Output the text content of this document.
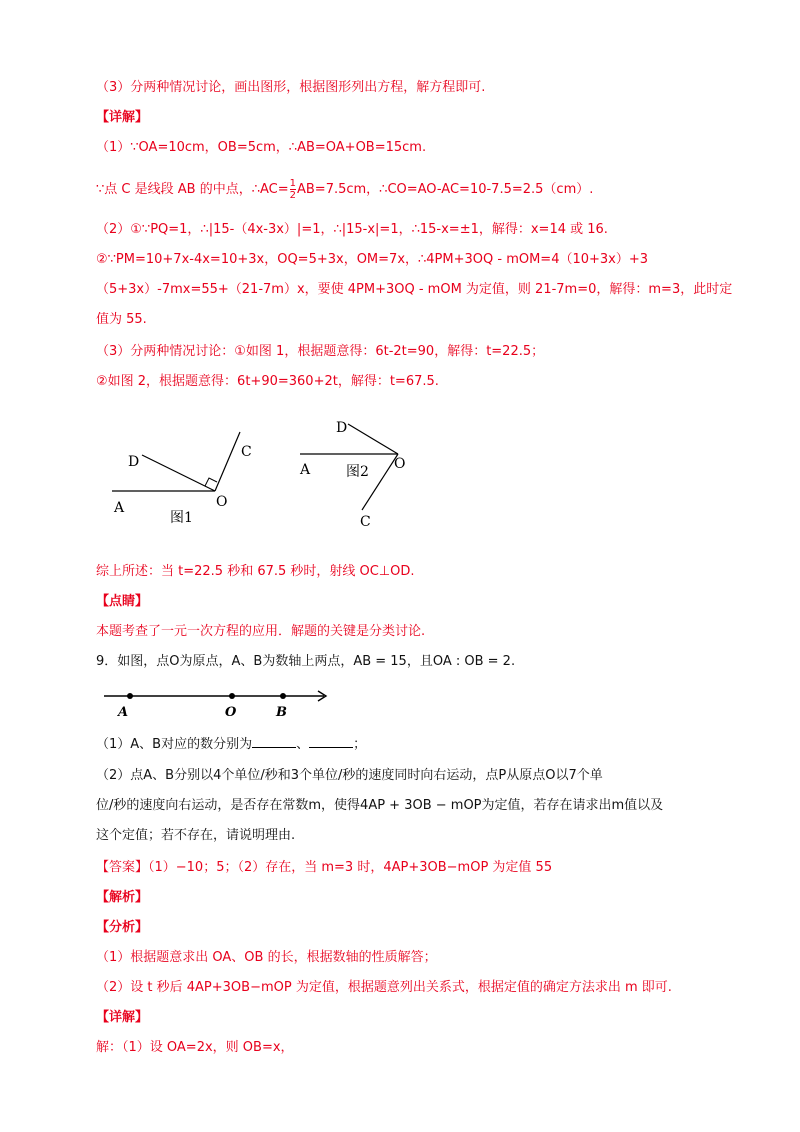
（3）分两种情况讨论，画出图形，根据图形列出方程，解方程即可.
【详解】
（1）∵OA=10cm，OB=5cm，∴AB=OA+OB=15cm.
∵点 C 是线段 AB 的中点，∴AC= $\frac{1}{2} AB=7.5cm$，∴CO=AO-AC=10-7.5=2.5（cm）.
（2）①∵PQ=1，∴|15-（4x-3x）|=1，∴|15-x|=1，∴15-x=±1，解得：x=14 或 16.
②∵PM=10+7x-4x=10+3x，OQ=5+3x，OM=7x，∴4PM+3OQ - mOM=4（10+3x）+3
（5+3x）-7mx=55+（21-7m）x，要使 4PM+3OQ - mOM 为定值，则 21-7m=0，解得：m=3，此时定
值为 55.
（3）分两种情况讨论：①如图 1，根据题意得：6t-2t=90，解得：t=22.5；
②如图 2，根据题意得：6t+90=360+2t，解得：t=67.5.
C
D
A	O
图1
D
A	图2 O
C
综上所述：当 t=22.5 秒和 67.5 秒时，射线 OC⊥OD.
【点睛】
本题考查了一元一次方程的应用．解题的关键是分类讨论.
9．如图，点O为原点，A、B为数轴上两点，AB = 15，且OA : OB = 2.
A	O	B
（1）A、B对应的数分别为	、	；
（2）点A、B分别以4个单位/秒和3个单位/秒的速度同时向右运动，点P从原点O以7个单
位/秒的速度向右运动，是否存在常数m，使得4AP + 3OB − mOP为定值，若存在请求出m值以及
这个定值；若不存在，请说明理由.
【答案】（1）−10；5；（2）存在，当 m=3 时，4AP+3OB−mOP 为定值 55
【解析】
【分析】
（1）根据题意求出 OA、OB 的长，根据数轴的性质解答；
（2）设 t 秒后 4AP+3OB−mOP 为定值，根据题意列出关系式，根据定值的确定方法求出 m 即可.
【详解】
解：（1）设 OA=2x，则 OB=x，
